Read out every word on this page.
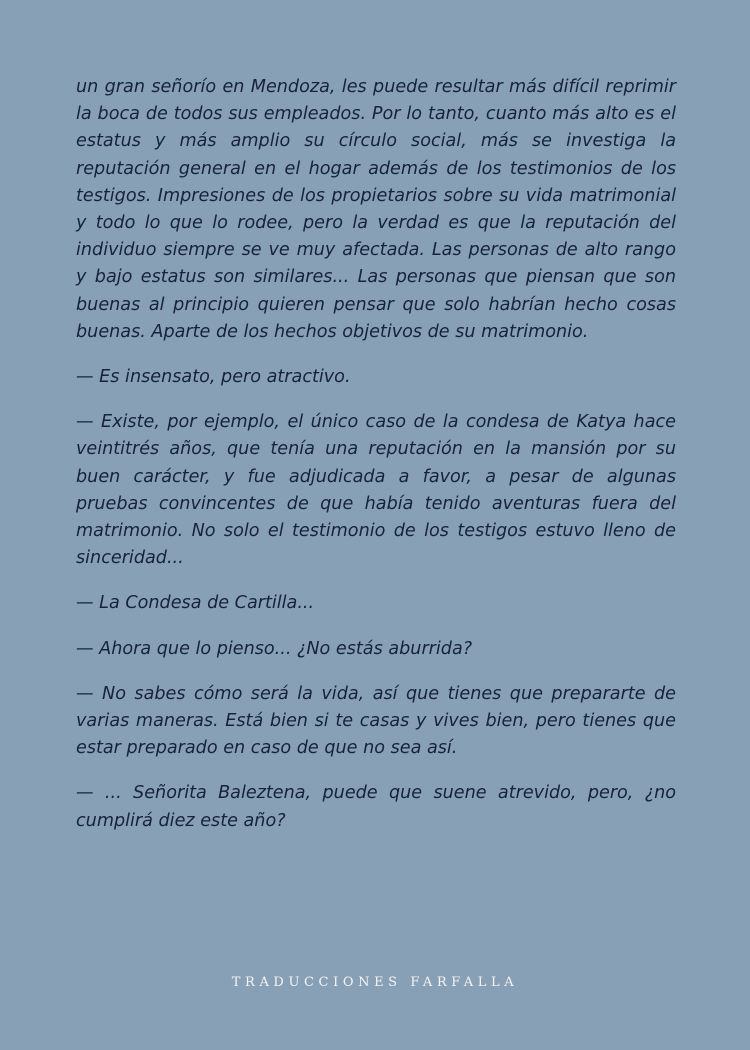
un gran señorío en Mendoza, les puede resultar más difícil reprimir la boca de todos sus empleados. Por lo tanto, cuanto más alto es el estatus y más amplio su círculo social, más se investiga la reputación general en el hogar además de los testimonios de los testigos. Impresiones de los propietarios sobre su vida matrimonial y todo lo que lo rodee, pero la verdad es que la reputación del individuo siempre se ve muy afectada. Las personas de alto rango y bajo estatus son similares... Las personas que piensan que son buenas al principio quieren pensar que solo habrían hecho cosas buenas. Aparte de los hechos objetivos de su matrimonio.

— Es insensato, pero atractivo.

— Existe, por ejemplo, el único caso de la condesa de Katya hace veintitrés años, que tenía una reputación en la mansión por su buen carácter, y fue adjudicada a favor, a pesar de algunas pruebas convincentes de que había tenido aventuras fuera del matrimonio. No solo el testimonio de los testigos estuvo lleno de sinceridad...

— La Condesa de Cartilla...

— Ahora que lo pienso... ¿No estás aburrida?

— No sabes cómo será la vida, así que tienes que prepararte de varias maneras. Está bien si te casas y vives bien, pero tienes que estar preparado en caso de que no sea así.

— ... Señorita Baleztena, puede que suene atrevido, pero, ¿no cumplirá diez este año?

TRADUCCIONES FARFALLA
